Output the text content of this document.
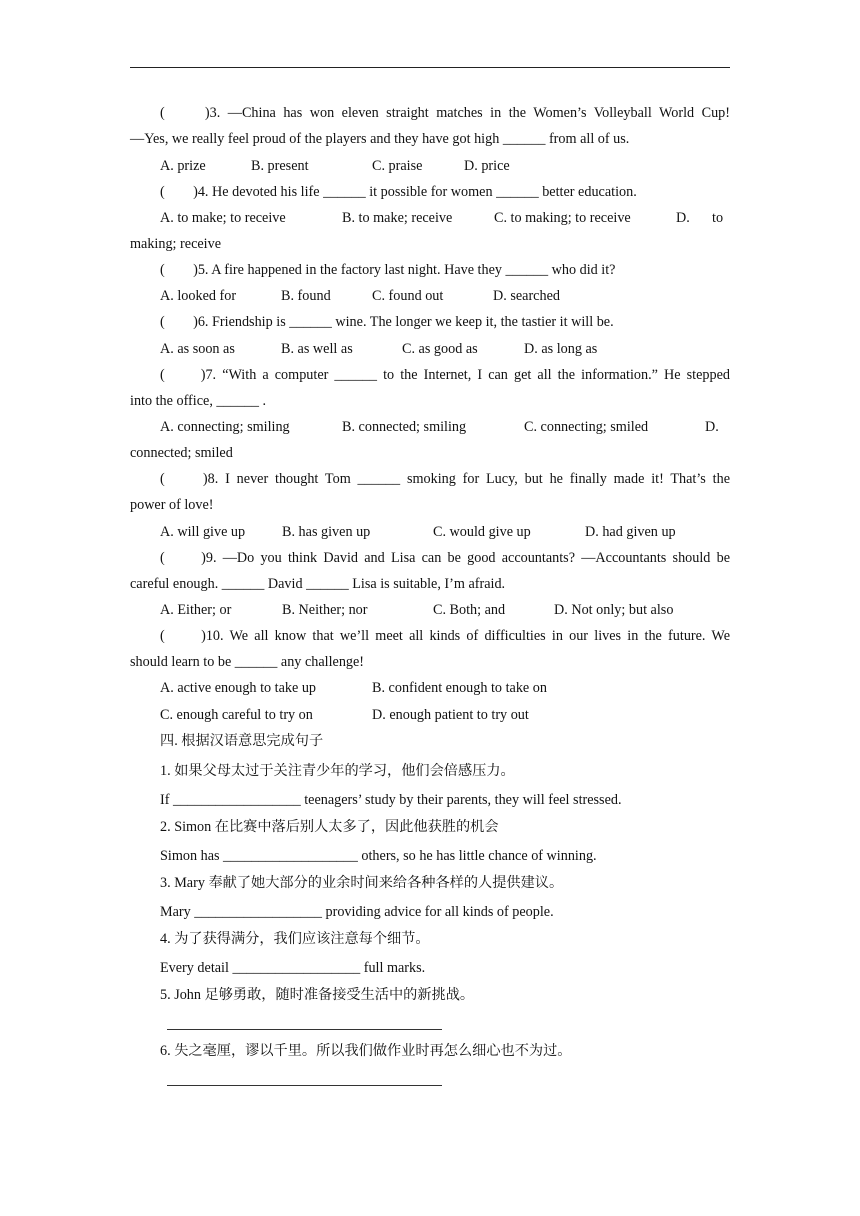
(　　)3. —China has won eleven straight matches in the Women’s Volleyball World Cup!
—Yes, we really feel proud of the players and they have got high ______ from all of us.
A. prize	B. present	C. praise	D. price
(　　)4. He devoted his life ______ it possible for women ______ better education.
A. to make; to receive	B. to make; receive	C. to making; to receive	D. to
making; receive
(　　)5. A fire happened in the factory last night. Have they ______ who did it?
A. looked for	B. found	C. found out	D. searched
(　　)6. Friendship is ______ wine. The longer we keep it, the tastier it will be.
A. as soon as	B. as well as	C. as good as	D. as long as
(　　)7. “With a computer ______ to the Internet, I can get all the information.” He stepped
into the office, ______ .
A. connecting; smiling	B. connected; smiling	C. connecting; smiled	D.
connected; smiled
(　　)8. I never thought Tom ______ smoking for Lucy, but he finally made it! That’s the
power of love!
A. will give up	B. has given up	C. would give up	D. had given up
(　　)9. —Do you think David and Lisa can be good accountants? —Accountants should be
careful enough. ______ David ______ Lisa is suitable, I’m afraid.
A. Either; or	B. Neither; nor	C. Both; and	D. Not only; but also
(　　)10. We all know that we’ll meet all kinds of difficulties in our lives in the future. We
should learn to be ______ any challenge!
A. active enough to take up	B. confident enough to take on
C. enough careful to try on	D. enough patient to try out
四. 根据汉语意思完成句子
1. 如果父母太过于关注青少年的学习，他们会倍感压力。
If __________________ teenagers’ study by their parents, they will feel stressed.
2. Simon 在比赛中落后别人太多了，因此他获胜的机会
Simon has ___________________ others, so he has little chance of winning.
3. Mary 奉献了她大部分的业余时间来给各种各样的人提供建议。
Mary __________________ providing advice for all kinds of people.
4. 为了获得满分，我们应该注意每个细节。
Every detail __________________ full marks.
5. John 足够勇敢，随时准备接受生活中的新挑战。
6. 失之毫厘，谬以千里。所以我们做作业时再怎么细心也不为过。
